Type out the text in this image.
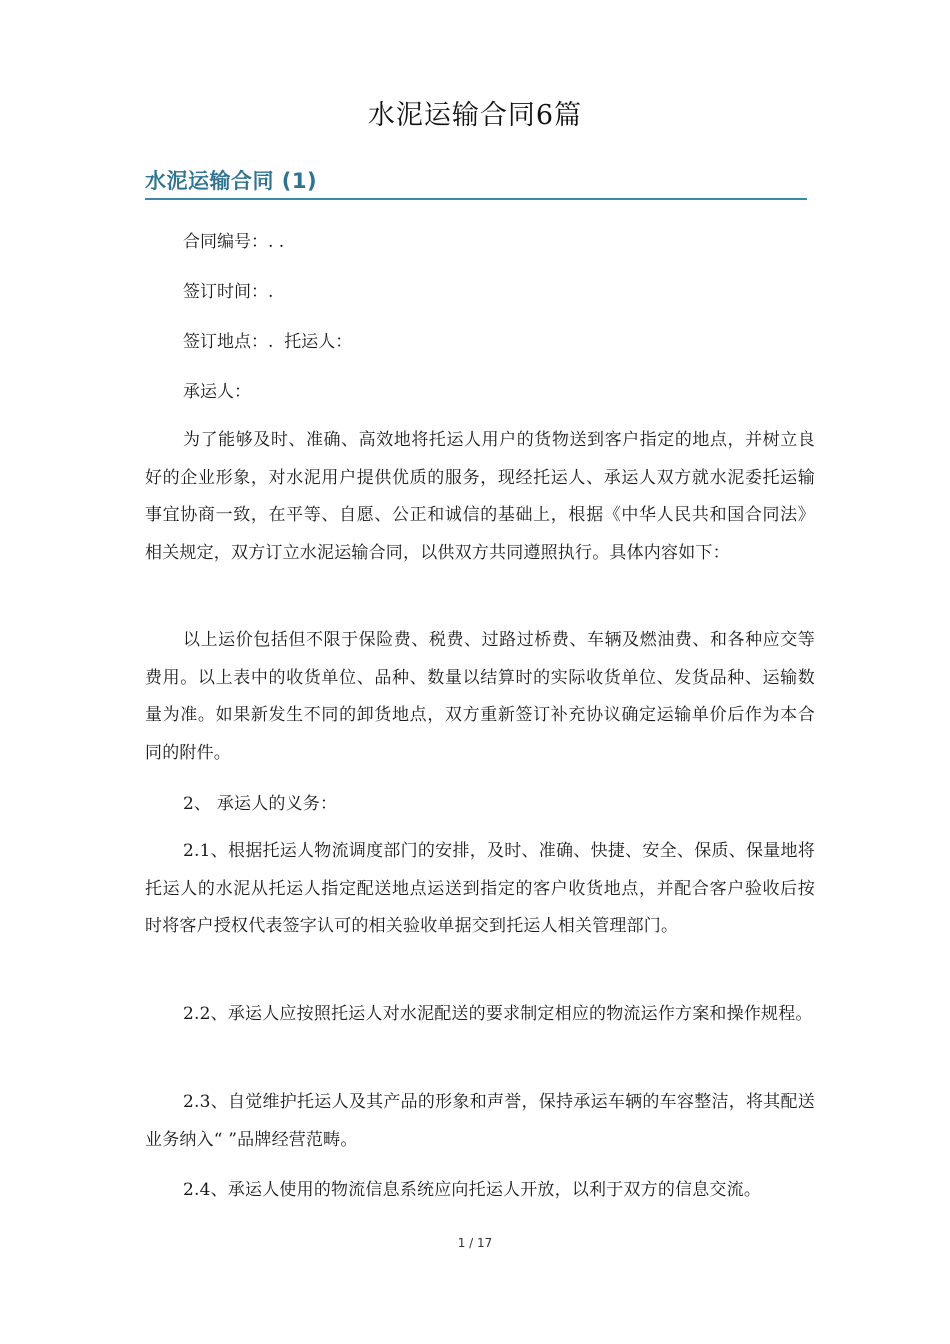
水泥运输合同6篇
水泥运输合同 (1)
合同编号：. .
签订时间：.
签订地点：.  托运人：
承运人：

为了能够及时、准确、高效地将托运人用户的货物送到客户指定的地点，并树立良好的企业形象，对水泥用户提供优质的服务，现经托运人、承运人双方就水泥委托运输事宜协商一致，在平等、自愿、公正和诚信的基础上，根据《中华人民共和国合同法》相关规定，双方订立水泥运输合同，以供双方共同遵照执行。具体内容如下：

以上运价包括但不限于保险费、税费、过路过桥费、车辆及燃油费、和各种应交等费用。以上表中的收货单位、品种、数量以结算时的实际收货单位、发货品种、运输数量为准。如果新发生不同的卸货地点，双方重新签订补充协议确定运输单价后作为本合同的附件。

2、 承运人的义务：

2.1、根据托运人物流调度部门的安排，及时、准确、快捷、安全、保质、保量地将托运人的水泥从托运人指定配送地点运送到指定的客户收货地点，并配合客户验收后按时将客户授权代表签字认可的相关验收单据交到托运人相关管理部门。

2.2、承运人应按照托运人对水泥配送的要求制定相应的物流运作方案和操作规程。

2.3、自觉维护托运人及其产品的形象和声誉，保持承运车辆的车容整洁，将其配送业务纳入“ ”品牌经营范畴。

2.4、承运人使用的物流信息系统应向托运人开放，以利于双方的信息交流。

1 / 17
